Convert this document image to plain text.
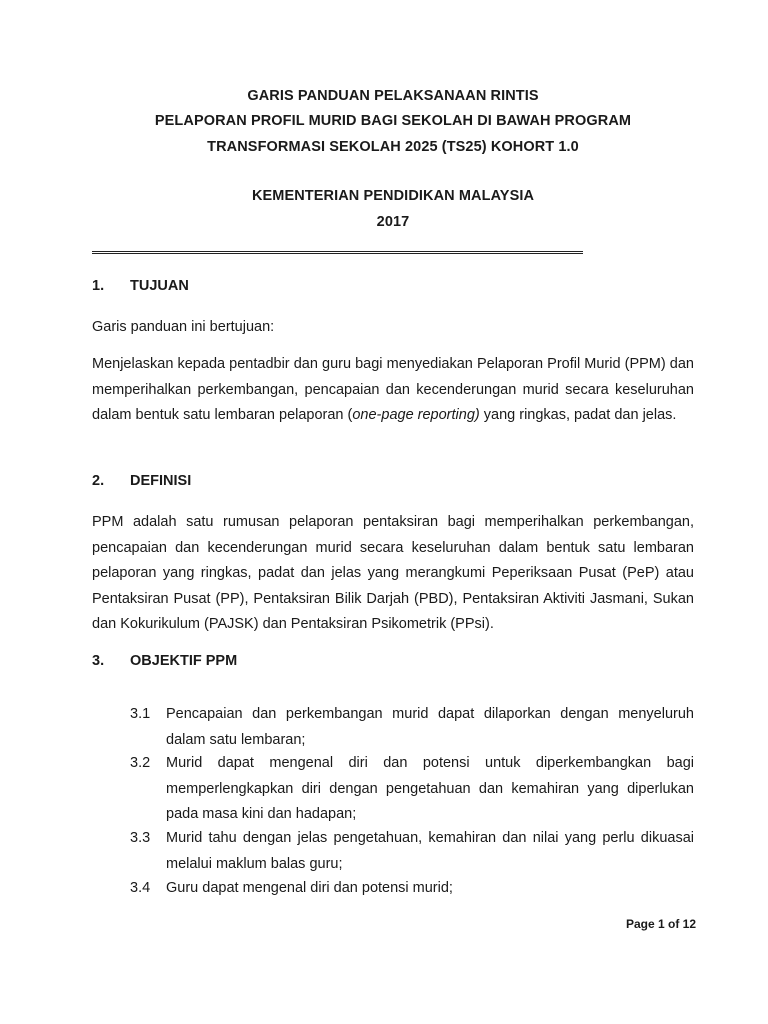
GARIS PANDUAN PELAKSANAAN RINTIS
PELAPORAN PROFIL MURID BAGI SEKOLAH DI BAWAH PROGRAM
TRANSFORMASI SEKOLAH 2025 (TS25) KOHORT 1.0
KEMENTERIAN PENDIDIKAN MALAYSIA
2017
1. TUJUAN
Garis panduan ini bertujuan:
Menjelaskan kepada pentadbir dan guru bagi menyediakan Pelaporan Profil Murid (PPM) dan memperihalkan perkembangan, pencapaian dan kecenderungan murid secara keseluruhan dalam bentuk satu lembaran pelaporan (one-page reporting) yang ringkas, padat dan jelas.
2. DEFINISI
PPM adalah satu rumusan pelaporan pentaksiran bagi memperihalkan perkembangan, pencapaian dan kecenderungan murid secara keseluruhan dalam bentuk satu lembaran pelaporan yang ringkas, padat dan jelas yang merangkumi Peperiksaan Pusat (PeP) atau Pentaksiran Pusat (PP), Pentaksiran Bilik Darjah (PBD), Pentaksiran Aktiviti Jasmani, Sukan dan Kokurikulum (PAJSK) dan Pentaksiran Psikometrik (PPsi).
3. OBJEKTIF PPM
3.1	Pencapaian dan perkembangan murid dapat dilaporkan dengan menyeluruh dalam satu lembaran;
3.2	Murid dapat mengenal diri dan potensi untuk diperkembangkan bagi memperlengkapkan diri dengan pengetahuan dan kemahiran yang diperlukan pada masa kini dan hadapan;
3.3	Murid tahu dengan jelas pengetahuan, kemahiran dan nilai yang perlu dikuasai melalui maklum balas guru;
3.4	Guru dapat mengenal diri dan potensi murid;
Page 1 of 12
